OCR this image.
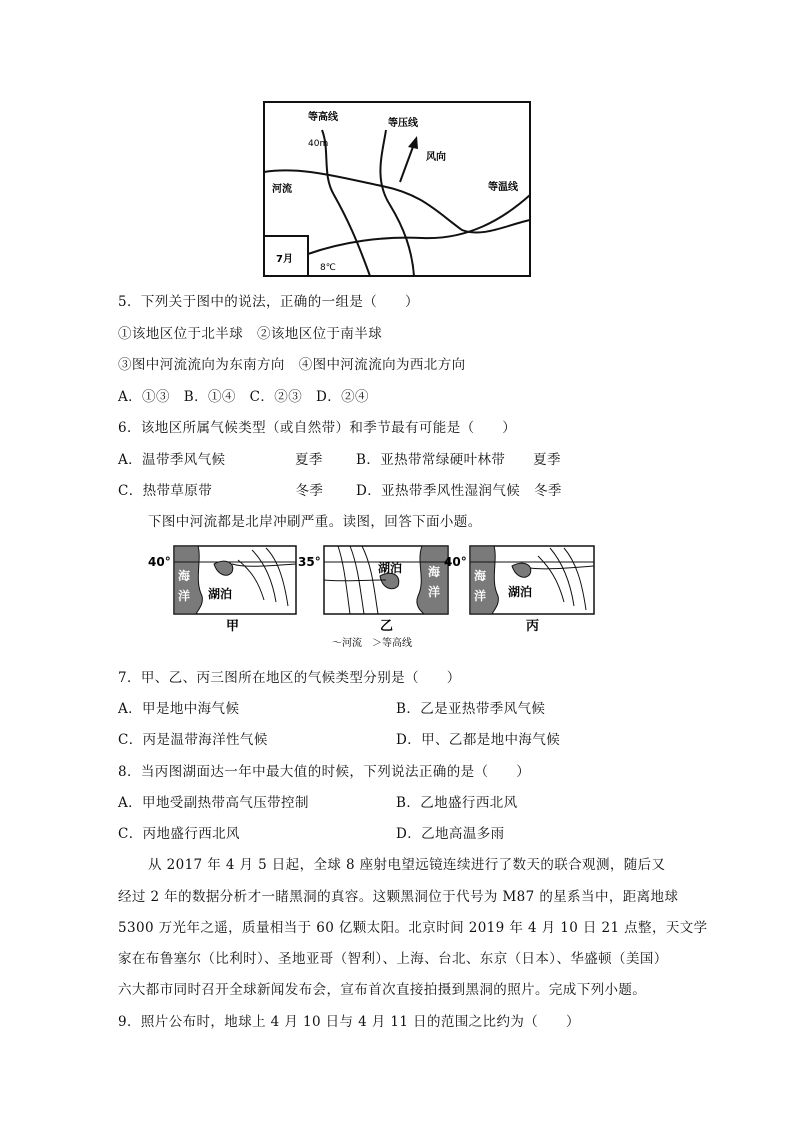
等高线
等压线
40m
风向
河流	等温线
7月
8℃
5．下列关于图中的说法，正确的一组是（　　）
①该地区位于北半球　②该地区位于南半球
③图中河流流向为东南方向　④图中河流流向为西北方向
A．①③　B．①④　C．②③　D．②④
6．该地区所属气候类型（或自然带）和季节最有可能是（　　）
A．温带季风气候　　　　　夏季 B．亚热带常绿硬叶林带　　夏季
C．热带草原带　　　　　　冬季 D．亚热带季风性湿润气候　冬季
下图中河流都是北岸冲刷严重。读图，回答下面小题。
40°
海
洋 湖泊
甲
35°	湖泊 海
洋
乙
40°
海
洋 湖泊
丙
～河流　＞等高线
7．甲、乙、丙三图所在地区的气候类型分别是（　　）
A．甲是地中海气候	B．乙是亚热带季风气候
C．丙是温带海洋性气候	D．甲、乙都是地中海气候
8．当丙图湖面达一年中最大值的时候，下列说法正确的是（　　）
A．甲地受副热带高气压带控制	B．乙地盛行西北风
C．丙地盛行西北风	D．乙地高温多雨
从 2017 年 4 月 5 日起，全球 8 座射电望远镜连续进行了数天的联合观测，随后又
经过 2 年的数据分析才一睹黑洞的真容。这颗黑洞位于代号为 M87 的星系当中，距离地球
5300 万光年之遥，质量相当于 60 亿颗太阳。北京时间 2019 年 4 月 10 日 21 点整，天文学
家在布鲁塞尔（比利时）、圣地亚哥（智利）、上海、台北、东京（日本）、华盛顿（美国）
六大都市同时召开全球新闻发布会，宣布首次直接拍摄到黑洞的照片。完成下列小题。
9．照片公布时，地球上 4 月 10 日与 4 月 11 日的范围之比约为（　　）
